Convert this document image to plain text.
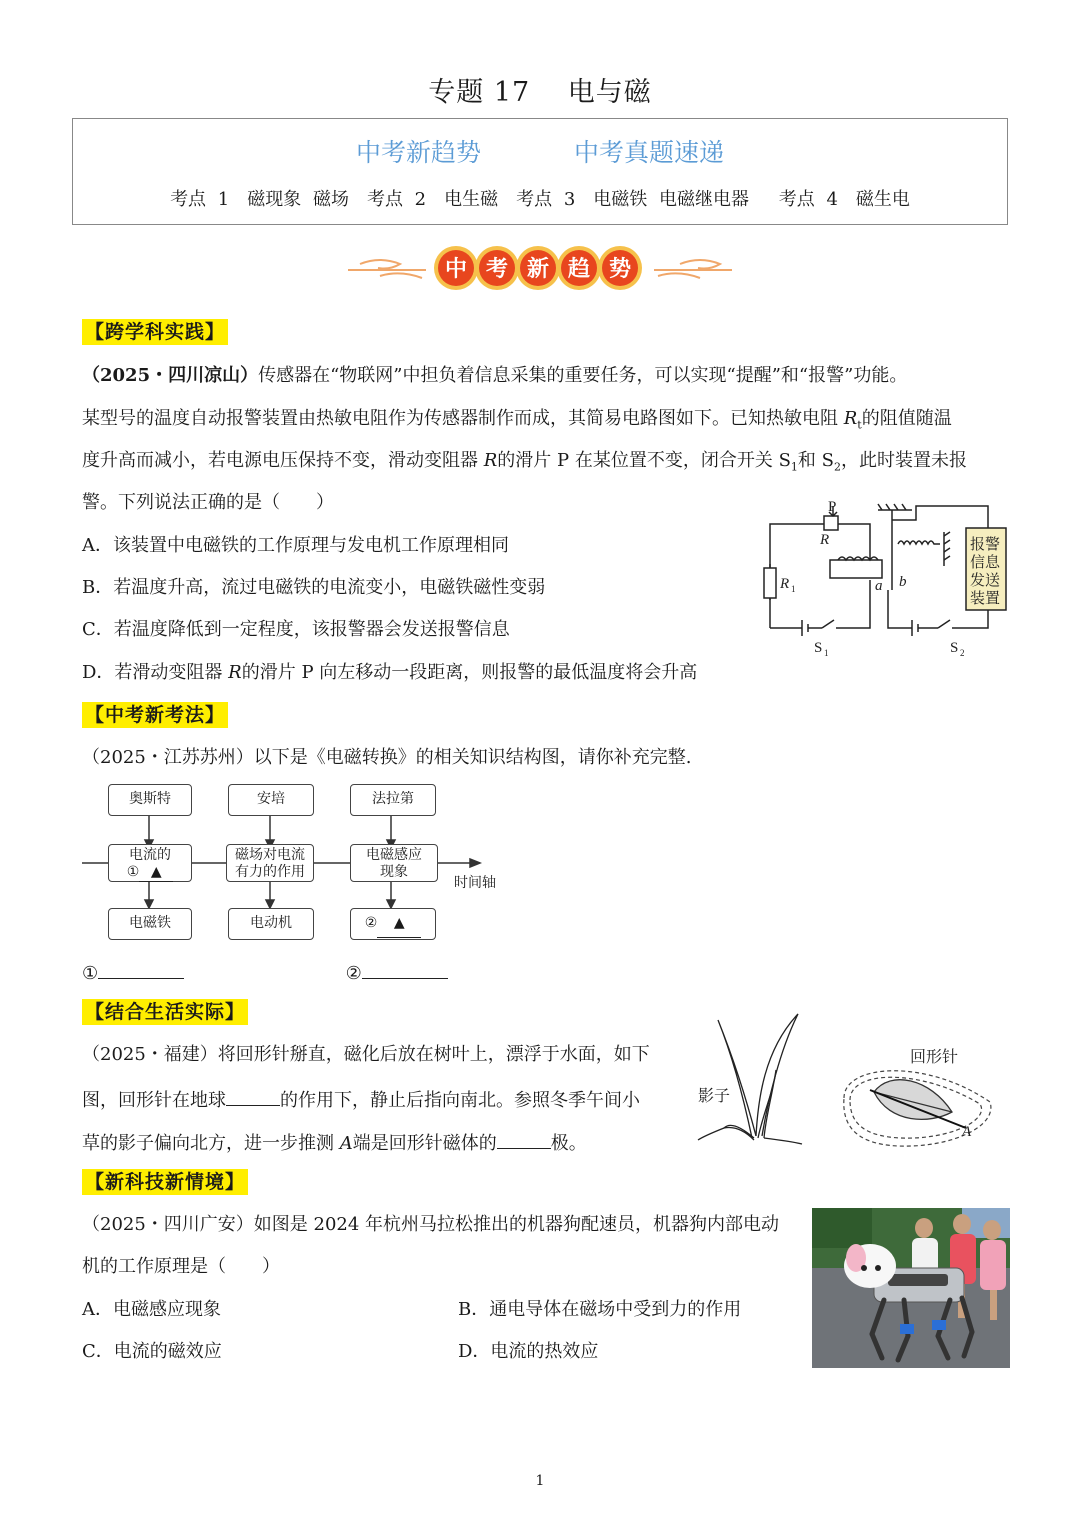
专题 17　 电与磁
中考新趋势	中考真题速递
考点 1　磁现象 磁场　考点 2　电生磁　考点 3　电磁铁 电磁继电器　 考点 4　磁生电
中 考 新 趋 势
【跨学科实践】
（2025・四川凉山）传感器在“物联网”中担负着信息采集的重要任务，可以实现“提醒”和“报警”功能。
某型号的温度自动报警装置由热敏电阻作为传感器制作而成，其简易电路图如下。已知热敏电阻 $R_t$的阻值随温
度升高而减小，若电源电压保持不变，滑动变阻器 R的滑片 P 在某位置不变，闭合开关 $S_1$和 $S_2$，此时装置未报
警。下列说法正确的是（　　）
A．该装置中电磁铁的工作原理与发电机工作原理相同
B．若温度升高，流过电磁铁的电流变小，电磁铁磁性变弱
C．若温度降低到一定程度，该报警器会发送报警信息
D．若滑动变阻器 R的滑片 P 向左移动一段距离，则报警的最低温度将会升高
报警
信息
发送
装置
P
R
R 1	a b
S 1	S 2
【中考新考法】
（2025・江苏苏州）以下是《电磁转换》的相关知识结构图，请你补充完整.
奥斯特	安培	法拉第
电流的
① ▲
磁场对电流
有力的作用
电磁感应
现象
时间轴
电磁铁	电动机	② ▲
①	②
【结合生活实际】
（2025・福建）将回形针掰直，磁化后放在树叶上，漂浮于水面，如下
图，回形针在地球	的作用下，静止后指向南北。参照冬季午间小
草的影子偏向北方，进一步推测 A端是回形针磁体的	极。
影子
回形针
A
【新科技新情境】
（2025・四川广安）如图是 2024 年杭州马拉松推出的机器狗配速员，机器狗内部电动
机的工作原理是（　　）
A．电磁感应现象	B．通电导体在磁场中受到力的作用
C．电流的磁效应	D．电流的热效应
1
